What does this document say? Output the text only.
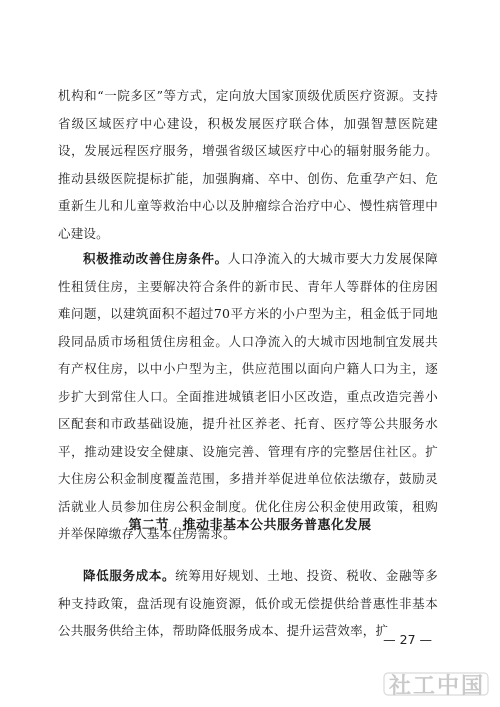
机构和“一院多区”等方式，定向放大国家顶级优质医疗资源。支持省级区域医疗中心建设，积极发展医疗联合体，加强智慧医院建设，发展远程医疗服务，增强省级区域医疗中心的辐射服务能力。推动县级医院提标扩能，加强胸痛、卒中、创伤、危重孕产妇、危重新生儿和儿童等救治中心以及肿瘤综合治疗中心、慢性病管理中心建设。

积极推动改善住房条件。人口净流入的大城市要大力发展保障性租赁住房，主要解决符合条件的新市民、青年人等群体的住房困难问题，以建筑面积不超过70平方米的小户型为主，租金低于同地段同品质市场租赁住房租金。人口净流入的大城市因地制宜发展共有产权住房，以中小户型为主，供应范围以面向户籍人口为主，逐步扩大到常住人口。全面推进城镇老旧小区改造，重点改造完善小区配套和市政基础设施，提升社区养老、托育、医疗等公共服务水平，推动建设安全健康、设施完善、管理有序的完整居住社区。扩大住房公积金制度覆盖范围，多措并举促进单位依法缴存，鼓励灵活就业人员参加住房公积金制度。优化住房公积金使用政策，租购并举保障缴存人基本住房需求。

第二节　推动非基本公共服务普惠化发展

降低服务成本。统筹用好规划、土地、投资、税收、金融等多种支持政策，盘活现有设施资源，低价或无偿提供给普惠性非基本公共服务供给主体，帮助降低服务成本、提升运营效率，扩

— 27 —
社工中国
